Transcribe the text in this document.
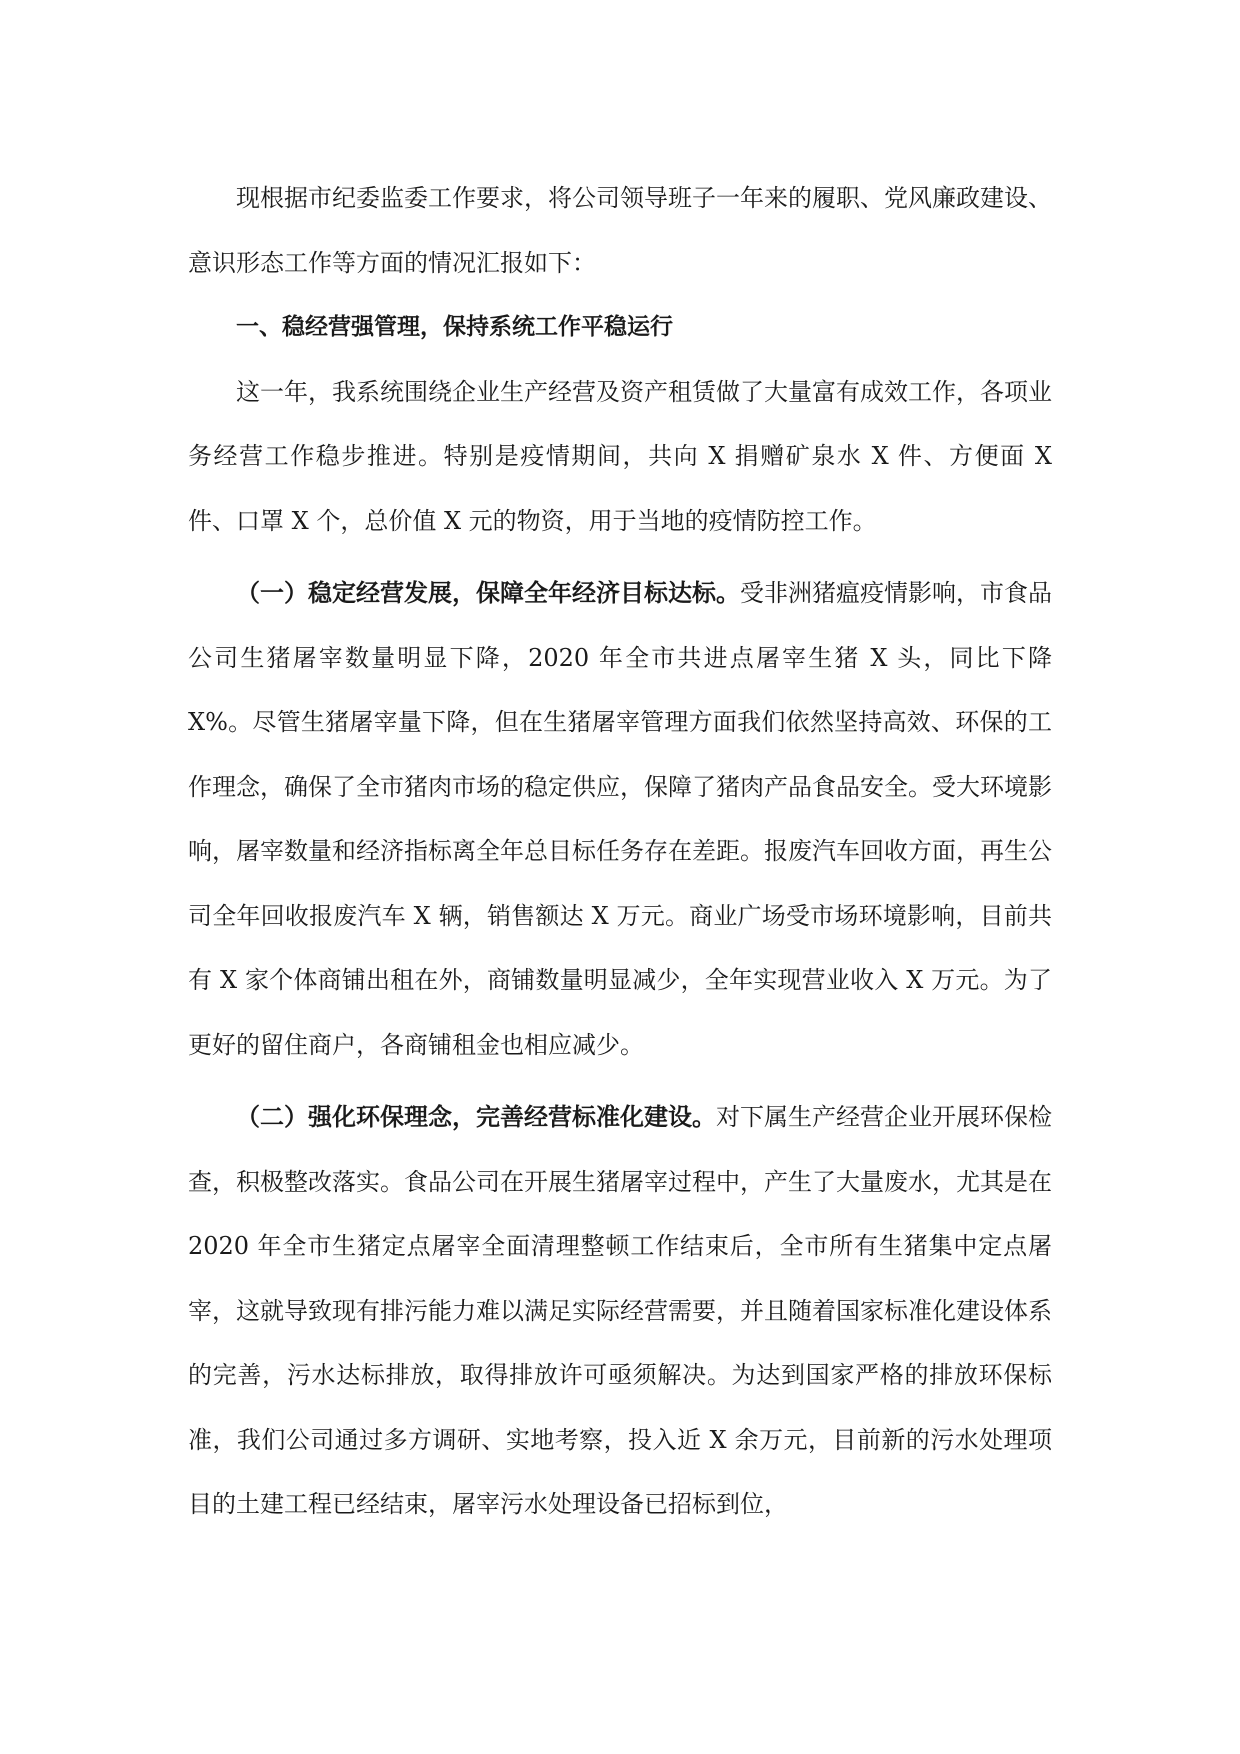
现根据市纪委监委工作要求，将公司领导班子一年来的履职、党风廉政建设、意识形态工作等方面的情况汇报如下：

一、稳经营强管理，保持系统工作平稳运行

这一年，我系统围绕企业生产经营及资产租赁做了大量富有成效工作，各项业务经营工作稳步推进。特别是疫情期间，共向 X 捐赠矿泉水 X 件、方便面 X 件、口罩 X 个，总价值 X 元的物资，用于当地的疫情防控工作。

（一）稳定经营发展，保障全年经济目标达标。受非洲猪瘟疫情影响，市食品公司生猪屠宰数量明显下降，2020 年全市共进点屠宰生猪 X 头，同比下降 X%。尽管生猪屠宰量下降，但在生猪屠宰管理方面我们依然坚持高效、环保的工作理念，确保了全市猪肉市场的稳定供应，保障了猪肉产品食品安全。受大环境影响，屠宰数量和经济指标离全年总目标任务存在差距。报废汽车回收方面，再生公司全年回收报废汽车 X 辆，销售额达 X 万元。商业广场受市场环境影响，目前共有 X 家个体商铺出租在外，商铺数量明显减少，全年实现营业收入 X 万元。为了更好的留住商户，各商铺租金也相应减少。

（二）强化环保理念，完善经营标准化建设。对下属生产经营企业开展环保检查，积极整改落实。食品公司在开展生猪屠宰过程中，产生了大量废水，尤其是在 2020 年全市生猪定点屠宰全面清理整顿工作结束后，全市所有生猪集中定点屠宰，这就导致现有排污能力难以满足实际经营需要，并且随着国家标准化建设体系的完善，污水达标排放，取得排放许可亟须解决。为达到国家严格的排放环保标准，我们公司通过多方调研、实地考察，投入近 X 余万元，目前新的污水处理项目的土建工程已经结束，屠宰污水处理设备已招标到位，
